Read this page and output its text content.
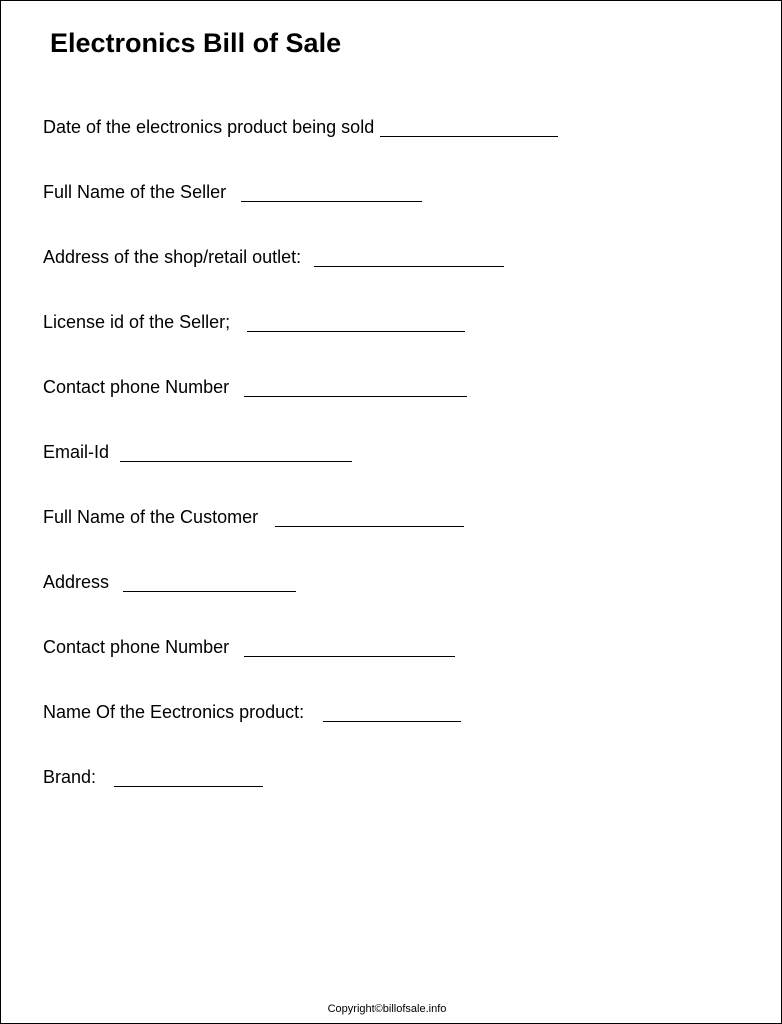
Electronics Bill of Sale
Date of the electronics product being sold
Full Name of the Seller
Address of the shop/retail outlet:
License id of the Seller;
Contact phone Number
Email-Id
Full Name of the Customer
Address
Contact phone Number
Name Of the Eectronics product:
Brand:
Copyright©billofsale.info
